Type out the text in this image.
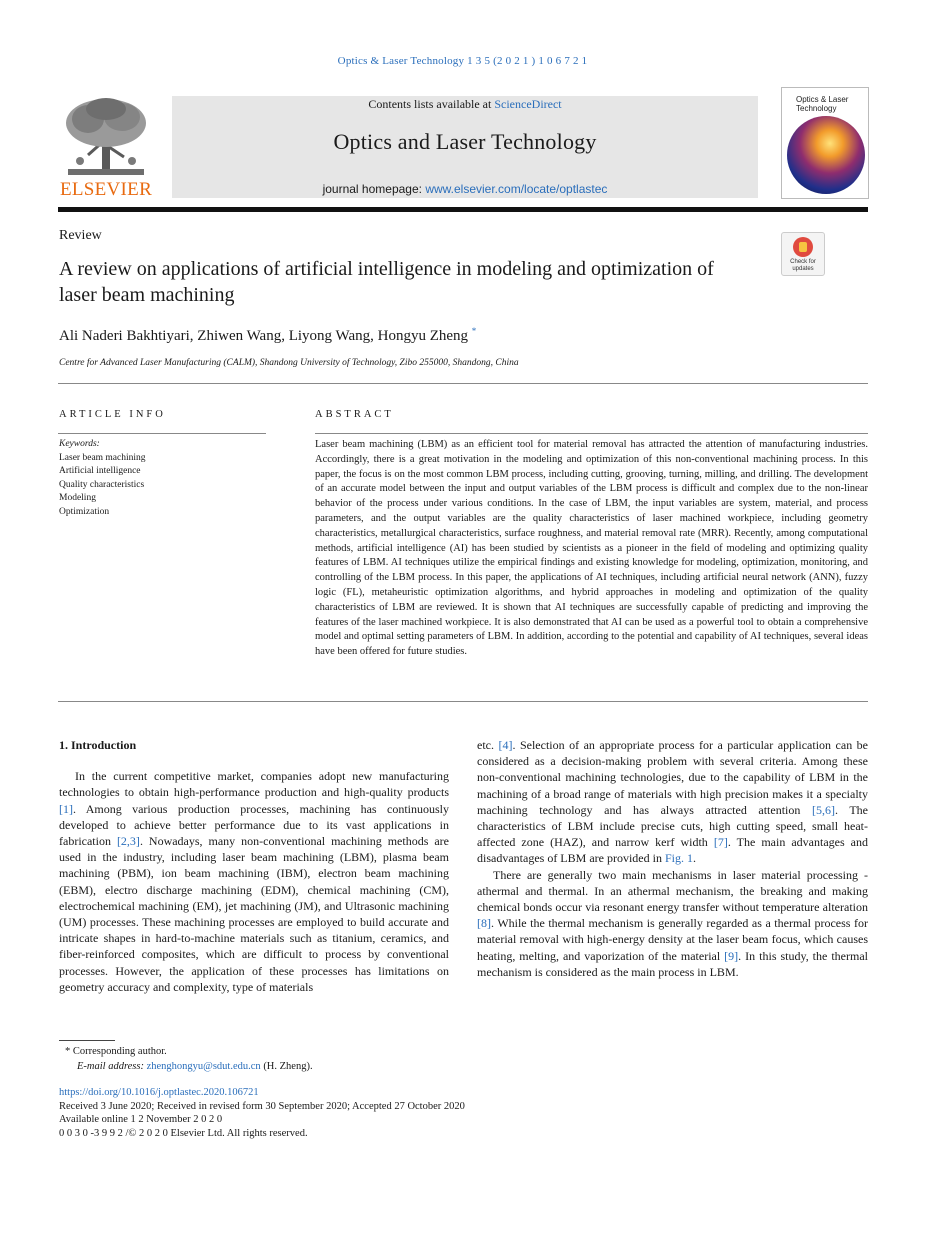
Optics & Laser Technology 1 3 5 (2 0 2 1 ) 1 0 6 7 2 1
ELSEVIER
Contents lists available at ScienceDirect
Optics and Laser Technology
journal homepage: www.elsevier.com/locate/optlastec
Optics & Laser Technology
Review
Check for updates
A review on applications of artificial intelligence in modeling and optimization of laser beam machining
Ali Naderi Bakhtiyari, Zhiwen Wang, Liyong Wang, Hongyu Zheng *
Centre for Advanced Laser Manufacturing (CALM), Shandong University of Technology, Zibo 255000, Shandong, China
ARTICLE INFO	ABSTRACT
Keywords:
Laser beam machining
Artificial intelligence
Quality characteristics
Modeling
Optimization
Laser beam machining (LBM) as an efficient tool for material removal has attracted the attention of manufacturing industries. Accordingly, there is a great motivation in the modeling and optimization of this non-conventional machining process. In this paper, the focus is on the most common LBM process, including cutting, grooving, turning, milling, and drilling. The development of an accurate model between the input and output variables of the LBM process is difficult and complex due to the non-linear behavior of the process under various conditions. In the case of LBM, the input variables are system, material, and process parameters, and the output variables are the quality characteristics of laser machined workpiece, including geometry characteristics, metallurgical characteristics, surface roughness, and material removal rate (MRR). Recently, among computational methods, artificial intelligence (AI) has been studied by scientists as a pioneer in the field of modeling and optimizing quality features of LBM. AI techniques utilize the empirical findings and existing knowledge for modeling, optimization, monitoring, and controlling of the LBM process. In this paper, the applications of AI techniques, including artificial neural network (ANN), fuzzy logic (FL), metaheuristic optimization algorithms, and hybrid approaches in modeling and optimization of the quality characteristics of LBM are reviewed. It is shown that AI techniques are successfully capable of predicting and improving the features of the laser machined workpiece. It is also demonstrated that AI can be used as a powerful tool to obtain a comprehensive model and optimal setting parameters of LBM. In addition, according to the potential and capability of AI techniques, several ideas have been offered for future studies.

1. Introduction

In the current competitive market, companies adopt new manufacturing technologies to obtain high-performance production and high-quality products [1]. Among various production processes, machining has continuously developed to achieve better performance due to its vast applications in fabrication [2,3]. Nowadays, many non-conventional machining methods are used in the industry, including laser beam machining (LBM), plasma beam machining (PBM), ion beam machining (IBM), electron beam machining (EBM), electro discharge machining (EDM), chemical machining (CM), electrochemical machining (EM), jet machining (JM), and Ultrasonic machining (UM) processes. These machining processes are employed to build accurate and intricate shapes in hard-to-machine materials such as titanium, ceramics, and fiber-reinforced composites, which are difficult to process by conventional processes. However, the application of these processes has limitations on geometry accuracy and complexity, type of materials

etc. [4]. Selection of an appropriate process for a particular application can be considered as a decision-making problem with several criteria. Among these non-conventional machining technologies, due to the capability of LBM in the machining of a broad range of materials with high precision makes it a specialty machining technology and has always attracted attention [5,6]. The characteristics of LBM include precise cuts, high cutting speed, small heat-affected zone (HAZ), and narrow kerf width [7]. The main advantages and disadvantages of LBM are provided in Fig. 1.

There are generally two main mechanisms in laser material processing - athermal and thermal. In an athermal mechanism, the breaking and making chemical bonds occur via resonant energy transfer without temperature alteration [8]. While the thermal mechanism is generally regarded as a thermal process for material removal with high-energy density at the laser beam focus, which causes heating, melting, and vaporization of the material [9]. In this study, the thermal mechanism is considered as the main process in LBM.

* Corresponding author.
E-mail address: zhenghongyu@sdut.edu.cn (H. Zheng).
https://doi.org/10.1016/j.optlastec.2020.106721
Received 3 June 2020; Received in revised form 30 September 2020; Accepted 27 October 2020
Available online 1 2 November 2 0 2 0
0 0 3 0 -3 9 9 2 /© 2 0 2 0 Elsevier Ltd. All rights reserved.
